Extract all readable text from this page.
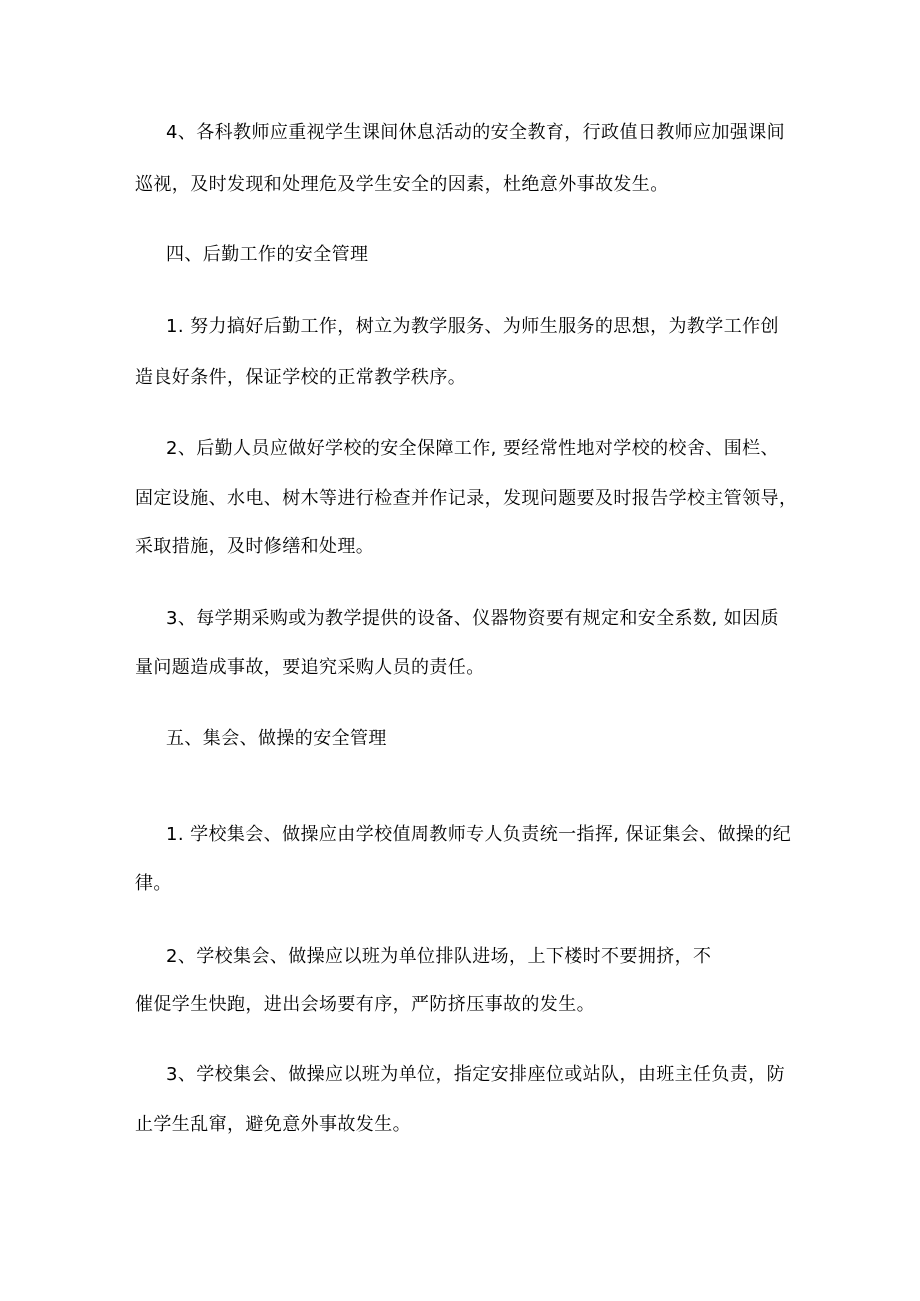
4、各科教师应重视学生课间休息活动的安全教育，行政值日教师应加强课间
巡视，及时发现和处理危及学生安全的因素，杜绝意外事故发生。
四、后勤工作的安全管理
1. 努力搞好后勤工作，树立为教学服务、为师生服务的思想，为教学工作创
造良好条件，保证学校的正常教学秩序。
2、后勤人员应做好学校的安全保障工作, 要经常性地对学校的校舍、围栏、
固定设施、水电、树木等进行检查并作记录，发现问题要及时报告学校主管领导，
采取措施，及时修缮和处理。
3、每学期采购或为教学提供的设备、仪器物资要有规定和安全系数, 如因质
量问题造成事故，要追究采购人员的责任。
五、集会、做操的安全管理
1. 学校集会、做操应由学校值周教师专人负责统一指挥, 保证集会、做操的纪
律。
2、学校集会、做操应以班为单位排队进场，上下楼时不要拥挤，不
催促学生快跑，进出会场要有序，严防挤压事故的发生。
3、学校集会、做操应以班为单位，指定安排座位或站队，由班主任负责，防
止学生乱窜，避免意外事故发生。
